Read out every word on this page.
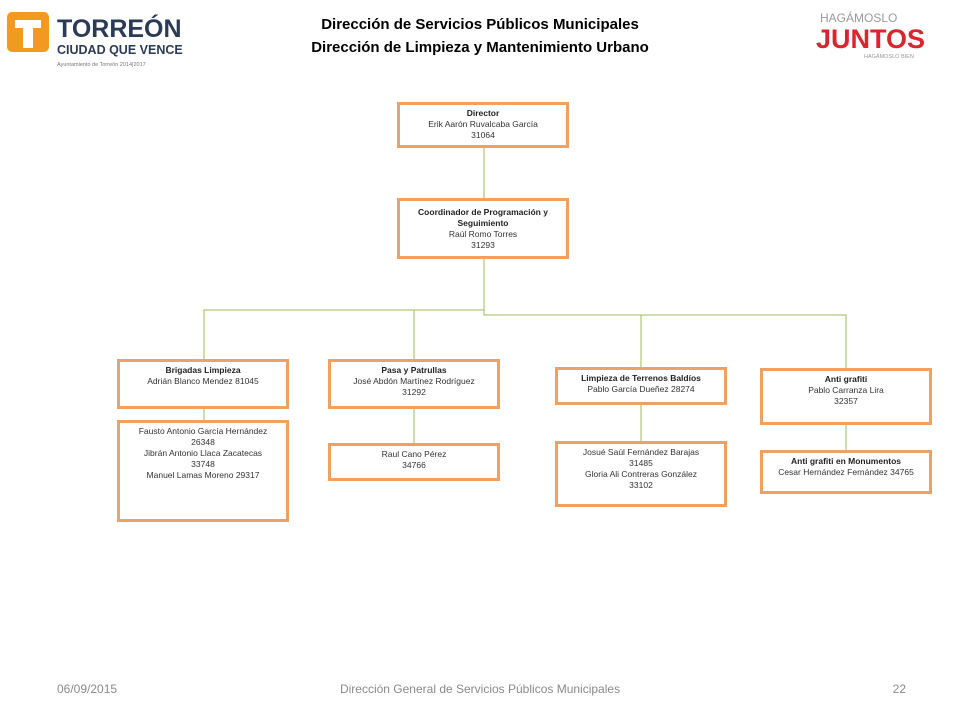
TORREÓN
CIUDAD QUE VENCE
Ayuntamiento de Torreón 2014|2017
HAGÁMOSLO
JUNTOS
HAGÁMOSLO BIEN
Dirección de Servicios Públicos Municipales
Dirección de Limpieza y Mantenimiento Urbano
Director
Erik Aarón Ruvalcaba García
31064
Coordinador de Programación y Seguimiento
Raúl Romo Torres
31293
Brigadas Limpieza
Adrián Blanco Mendez 81045
Fausto Antonio García Hernández
26348
Jibrán Antonio Llaca Zacatecas
33748
Manuel Lamas Moreno 29317
Pasa y Patrullas
José Abdón Martínez Rodríguez
31292
Raul Cano Pérez
34766
Limpieza de Terrenos Baldíos
Pablo García Dueñez 28274
Josué Saúl Fernández Barajas
31485
Gloria Ali Contreras González
33102
Anti grafiti
Pablo Carranza Lira
32357
Anti grafiti en Monumentos
Cesar Hernández Fernández 34765
06/09/2015	Dirección General de Servicios Públicos Municipales	22
